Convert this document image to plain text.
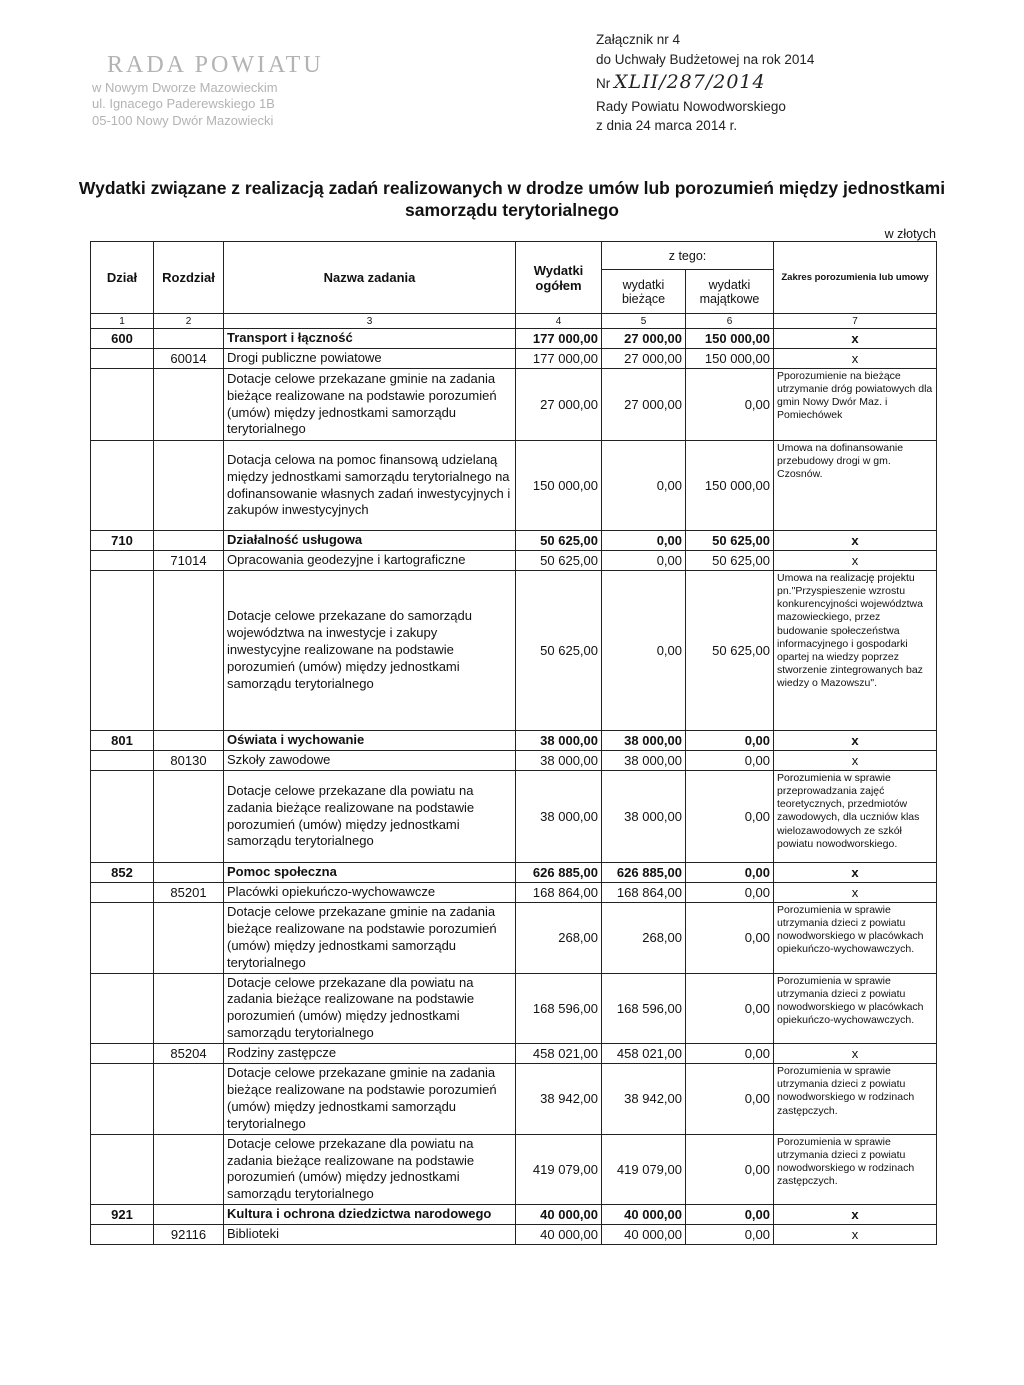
RADA POWIATU
w Nowym Dworze Mazowieckim
ul. Ignacego Paderewskiego 1B
05-100 Nowy Dwór Mazowiecki
Załącznik nr 4
do Uchwały Budżetowej na rok 2014
Nr XLII/287/2014
Rady Powiatu Nowodworskiego
z dnia 24 marca 2014 r.
Wydatki związane z realizacją zadań realizowanych w drodze umów lub porozumień między jednostkami samorządu terytorialnego
w złotych
Dział	Rozdział	Nazwa zadania	Wydatki ogółem	z tego:		Zakres porozumienia lub umowy
				wydatki bieżące	wydatki majątkowe	
1	2	3	4	5	6	7
600		Transport i łączność	177 000,00	27 000,00	150 000,00	x
	60014	Drogi publiczne powiatowe	177 000,00	27 000,00	150 000,00	x
		Dotacje celowe przekazane gminie na zadania bieżące realizowane na podstawie porozumień (umów) między jednostkami samorządu terytorialnego	27 000,00	27 000,00	0,00	Pporozumienie na bieżące utrzymanie dróg powiatowych dla gmin Nowy Dwór Maz. i Pomiechówek
		Dotacja celowa na pomoc finansową udzielaną między jednostkami samorządu terytorialnego na dofinansowanie własnych zadań inwestycyjnych i zakupów inwestycyjnych	150 000,00	0,00	150 000,00	Umowa na dofinansowanie przebudowy drogi w gm. Czosnów.
710		Działalność usługowa	50 625,00	0,00	50 625,00	x
	71014	Opracowania geodezyjne i kartograficzne	50 625,00	0,00	50 625,00	x
		Dotacje celowe przekazane do samorządu województwa na inwestycje i zakupy inwestycyjne realizowane na podstawie porozumień (umów) między jednostkami samorządu terytorialnego	50 625,00	0,00	50 625,00	Umowa na realizację projektu pn."Przyspieszenie wzrostu konkurencyjności województwa mazowieckiego, przez budowanie społeczeństwa informacyjnego i gospodarki opartej na wiedzy poprzez stworzenie zintegrowanych baz wiedzy o Mazowszu".
801		Oświata i wychowanie	38 000,00	38 000,00	0,00	x
	80130	Szkoły zawodowe	38 000,00	38 000,00	0,00	x
		Dotacje celowe przekazane dla powiatu na zadania bieżące realizowane na podstawie porozumień (umów) między jednostkami samorządu terytorialnego	38 000,00	38 000,00	0,00	Porozumienia w sprawie przeprowadzania zajęć teoretycznych, przedmiotów zawodowych, dla uczniów klas wielozawodowych ze szkół powiatu nowodworskiego.
852		Pomoc społeczna	626 885,00	626 885,00	0,00	x
	85201	Placówki opiekuńczo-wychowawcze	168 864,00	168 864,00	0,00	x
		Dotacje celowe przekazane gminie na zadania bieżące realizowane na podstawie porozumień (umów) między jednostkami samorządu terytorialnego	268,00	268,00	0,00	Porozumienia w sprawie utrzymania dzieci z powiatu nowodworskiego w placówkach opiekuńczo-wychowawczych.
		Dotacje celowe przekazane dla powiatu na zadania bieżące realizowane na podstawie porozumień (umów) między jednostkami samorządu terytorialnego	168 596,00	168 596,00	0,00	Porozumienia w sprawie utrzymania dzieci z powiatu nowodworskiego w placówkach opiekuńczo-wychowawczych.
	85204	Rodziny zastępcze	458 021,00	458 021,00	0,00	x
		Dotacje celowe przekazane gminie na zadania bieżące realizowane na podstawie porozumień (umów) między jednostkami samorządu terytorialnego	38 942,00	38 942,00	0,00	Porozumienia w sprawie utrzymania dzieci z powiatu nowodworskiego w rodzinach zastępczych.
		Dotacje celowe przekazane dla powiatu na zadania bieżące realizowane na podstawie porozumień (umów) między jednostkami samorządu terytorialnego	419 079,00	419 079,00	0,00	Porozumienia w sprawie utrzymania dzieci z powiatu nowodworskiego w rodzinach zastępczych.
921		Kultura i ochrona dziedzictwa narodowego	40 000,00	40 000,00	0,00	x
	92116	Biblioteki	40 000,00	40 000,00	0,00	x
